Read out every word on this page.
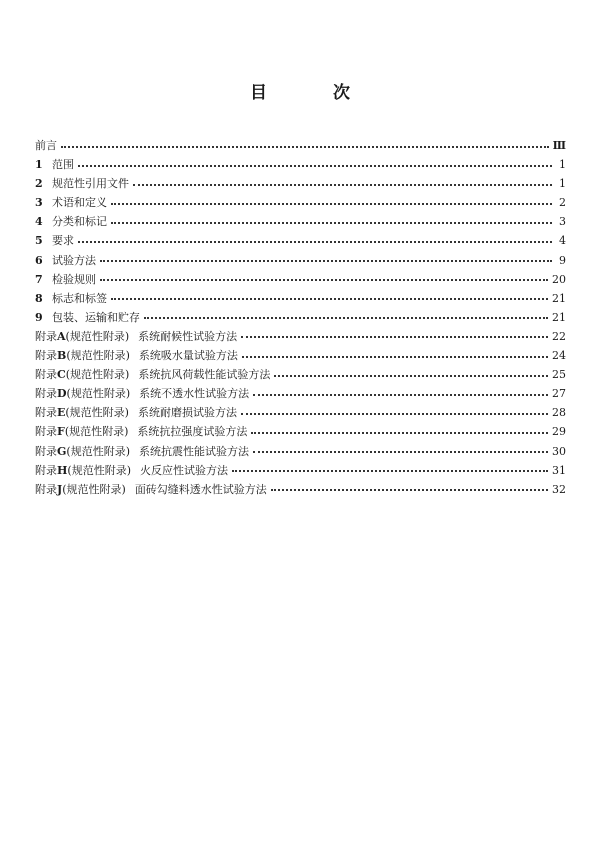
目 次
前言	Ⅲ
1 范围	1
2 规范性引用文件	1
3 术语和定义	2
4 分类和标记	3
5 要求	4
6 试验方法	9
7 检验规则	20
8 标志和标签	21
9 包装、运输和贮存	21
附录A(规范性附录) 系统耐候性试验方法	22
附录B(规范性附录) 系统吸水量试验方法	24
附录C(规范性附录) 系统抗风荷载性能试验方法	25
附录D(规范性附录) 系统不透水性试验方法	27
附录E(规范性附录) 系统耐磨损试验方法	28
附录F(规范性附录) 系统抗拉强度试验方法	29
附录G(规范性附录) 系统抗震性能试验方法	30
附录H(规范性附录) 火反应性试验方法	31
附录J(规范性附录) 面砖勾缝料透水性试验方法	32
